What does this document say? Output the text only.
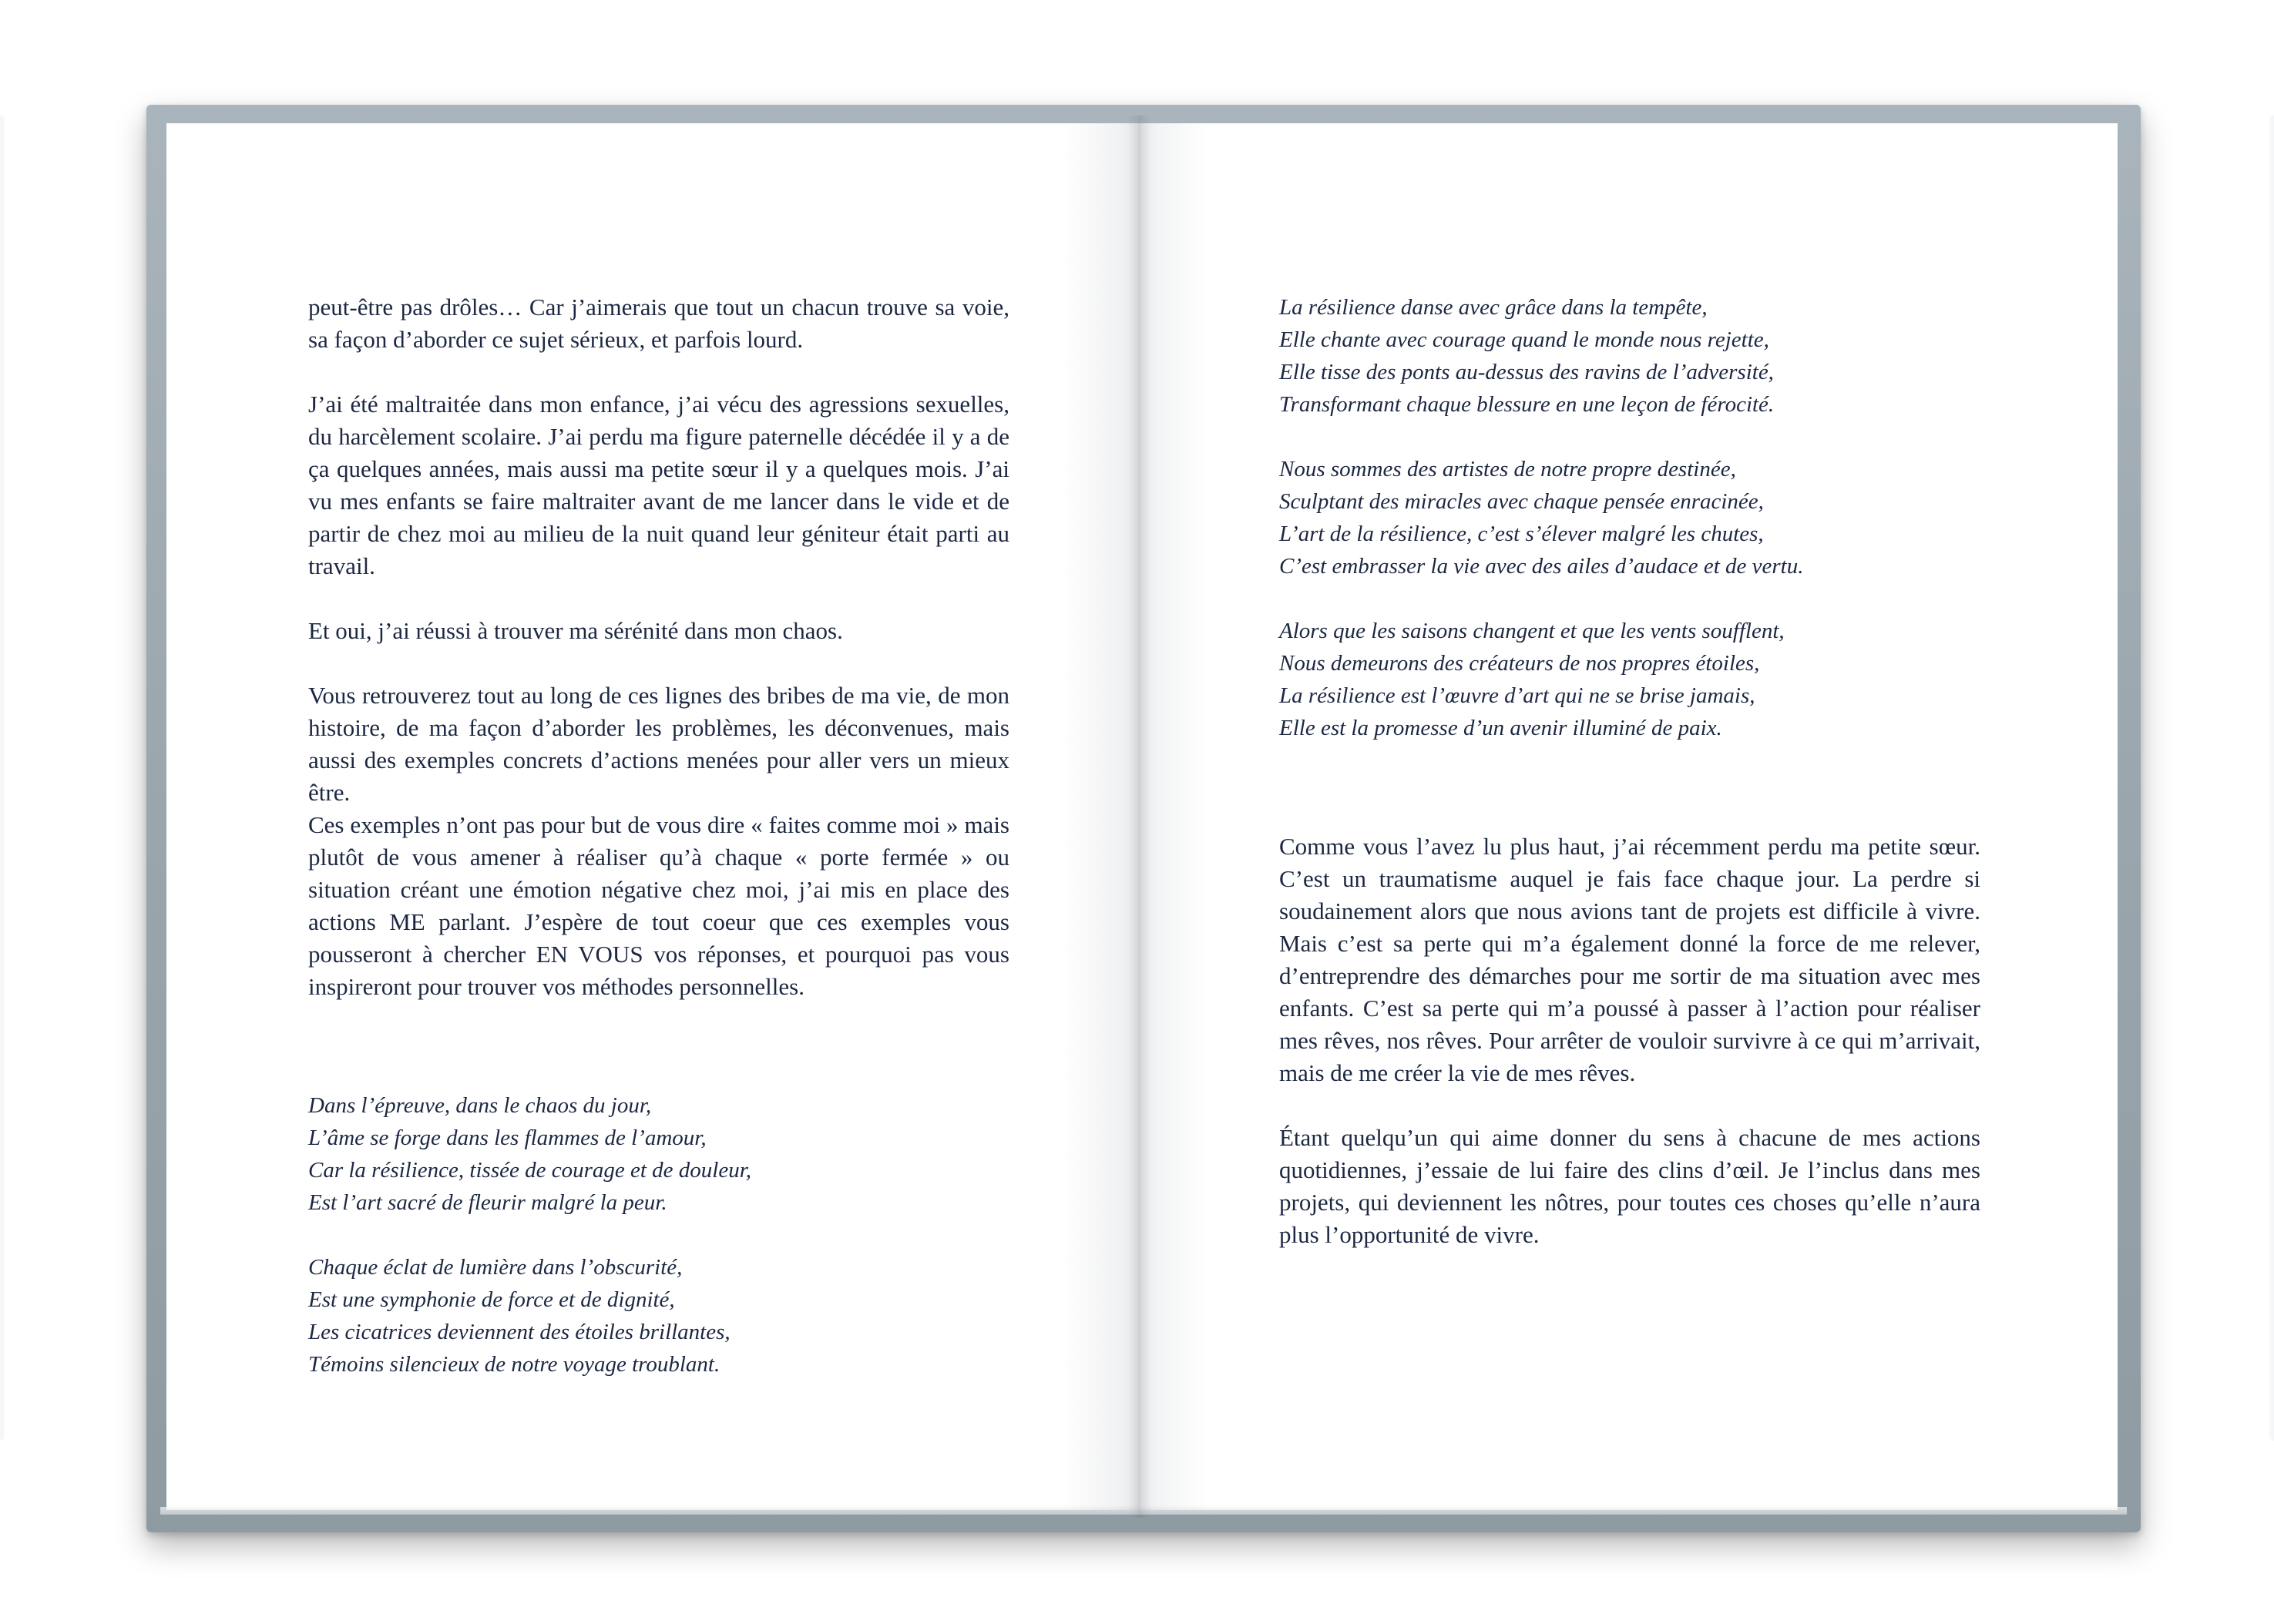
peut-être pas drôles… Car j’aimerais que tout un chacun trouve sa voie, sa façon d’aborder ce sujet sérieux, et parfois lourd.

J’ai été maltraitée dans mon enfance, j’ai vécu des agressions sexuelles, du harcèlement scolaire. J’ai perdu ma figure paternelle décédée il y a de ça quelques années, mais aussi ma petite sœur il y a quelques mois. J’ai vu mes enfants se faire maltraiter avant de me lancer dans le vide et de partir de chez moi au milieu de la nuit quand leur géniteur était parti au travail.

Et oui, j’ai réussi à trouver ma sérénité dans mon chaos.

Vous retrouverez tout au long de ces lignes des bribes de ma vie, de mon histoire, de ma façon d’aborder les problèmes, les déconvenues, mais aussi des exemples concrets d’actions menées pour aller vers un mieux être.

Ces exemples n’ont pas pour but de vous dire « faites comme moi » mais plutôt de vous amener à réaliser qu’à chaque « porte fermée » ou situation créant une émotion négative chez moi, j’ai mis en place des actions ME parlant. J’espère de tout coeur que ces exemples vous pousseront à chercher EN VOUS vos réponses, et pourquoi pas vous inspireront pour trouver vos méthodes personnelles.

Dans l’épreuve, dans le chaos du jour,
L’âme se forge dans les flammes de l’amour,
Car la résilience, tissée de courage et de douleur,
Est l’art sacré de fleurir malgré la peur.

Chaque éclat de lumière dans l’obscurité,
Est une symphonie de force et de dignité,
Les cicatrices deviennent des étoiles brillantes,
Témoins silencieux de notre voyage troublant.

La résilience danse avec grâce dans la tempête,
Elle chante avec courage quand le monde nous rejette,
Elle tisse des ponts au-dessus des ravins de l’adversité,
Transformant chaque blessure en une leçon de férocité.

Nous sommes des artistes de notre propre destinée,
Sculptant des miracles avec chaque pensée enracinée,
L’art de la résilience, c’est s’élever malgré les chutes,
C’est embrasser la vie avec des ailes d’audace et de vertu.

Alors que les saisons changent et que les vents soufflent,
Nous demeurons des créateurs de nos propres étoiles,
La résilience est l’œuvre d’art qui ne se brise jamais,
Elle est la promesse d’un avenir illuminé de paix.

Comme vous l’avez lu plus haut, j’ai récemment perdu ma petite sœur. C’est un traumatisme auquel je fais face chaque jour. La perdre si soudainement alors que nous avions tant de projets est difficile à vivre. Mais c’est sa perte qui m’a également donné la force de me relever, d’entreprendre des démarches pour me sortir de ma situation avec mes enfants. C’est sa perte qui m’a poussé à passer à l’action pour réaliser mes rêves, nos rêves. Pour arrêter de vouloir survivre à ce qui m’arrivait, mais de me créer la vie de mes rêves.

Étant quelqu’un qui aime donner du sens à chacune de mes actions quotidiennes, j’essaie de lui faire des clins d’œil. Je l’inclus dans mes projets, qui deviennent les nôtres, pour toutes ces choses qu’elle n’aura plus l’opportunité de vivre.
